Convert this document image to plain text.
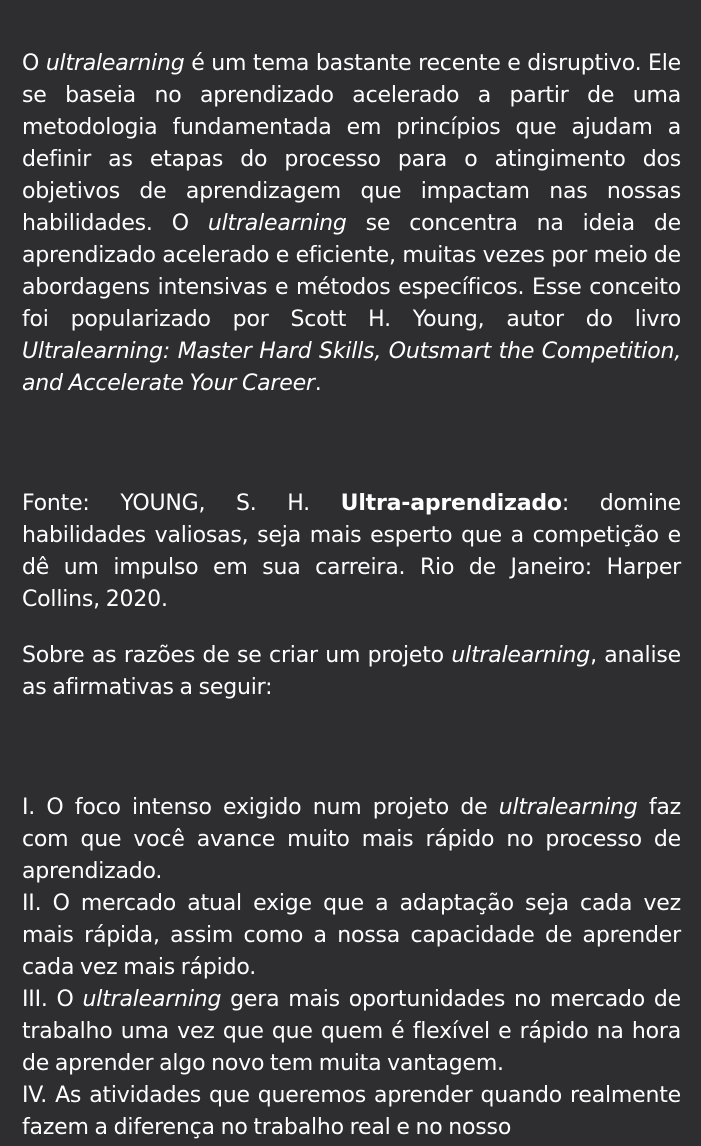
O ultralearning é um tema bastante recente e disruptivo. Ele se baseia no aprendizado acelerado a partir de uma metodologia fundamentada em princípios que ajudam a definir as etapas do processo para o atingimento dos objetivos de aprendizagem que impactam nas nossas habilidades. O ultralearning se concentra na ideia de aprendizado acelerado e eficiente, muitas vezes por meio de abordagens intensivas e métodos específicos. Esse conceito foi popularizado por Scott H. Young, autor do livro Ultralearning: Master Hard Skills, Outsmart the Competition, and Accelerate Your Career.

Fonte: YOUNG, S. H. Ultra-aprendizado: domine habilidades valiosas, seja mais esperto que a competição e dê um impulso em sua carreira. Rio de Janeiro: Harper Collins, 2020.

Sobre as razões de se criar um projeto ultralearning, analise as afirmativas a seguir:

I. O foco intenso exigido num projeto de ultralearning faz com que você avance muito mais rápido no processo de aprendizado.

II. O mercado atual exige que a adaptação seja cada vez mais rápida, assim como a nossa capacidade de aprender cada vez mais rápido.

III. O ultralearning gera mais oportunidades no mercado de trabalho uma vez que que quem é flexível e rápido na hora de aprender algo novo tem muita vantagem.

IV. As atividades que queremos aprender quando realmente fazem a diferença no trabalho real e no nosso
